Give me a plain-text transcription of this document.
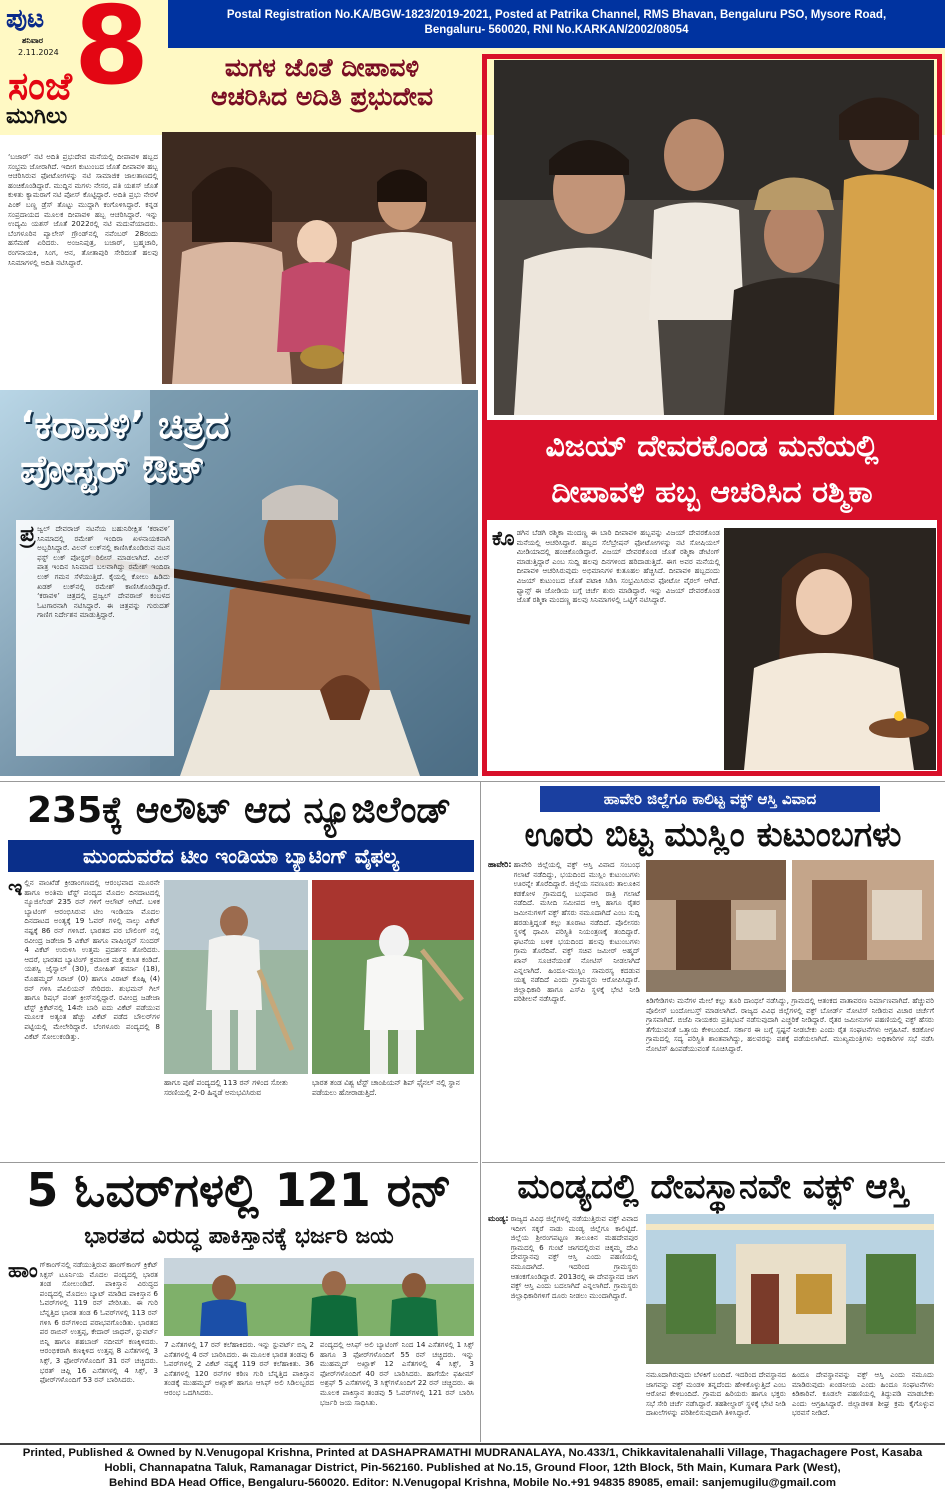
ಪುಟ
ಶನಿವಾರ
2.11.2024 8
ಸಂಜೆ
ಮುಗಿಲು
Postal Registration No.KA/BGW-1823/2019-2021, Posted at Patrika Channel, RMS Bhavan, Bengaluru PSO, Mysore Road,
Bengaluru- 560020, RNI No.KARKAN/2002/08054
ಮಗಳ ಜೊತೆ ದೀಪಾವಳಿ
ಆಚರಿಸಿದ ಅದಿತಿ ಪ್ರಭುದೇವ
‘ಬಜಾರ್’ ನಟಿ ಅದಿತಿ ಪ್ರಭುದೇವ ಮನೆಯಲ್ಲಿ ದೀಪಾವಳಿ ಹಬ್ಬದ ಸಂಭ್ರಮ ಜೋರಾಗಿದೆ. ಇದೀಗ ಕುಟುಂಬದ ಜೊತೆ ದೀಪಾವಳಿ ಹಬ್ಬ ಆಚರಿಸಿರುವ ಫೋಟೋಗಳನ್ನು ನಟಿ ಸಾಮಾಜಿಕ ಜಾಲತಾಣದಲ್ಲಿ ಹಂಚಿಕೊಂಡಿದ್ದಾರೆ. ಮುದ್ದಿನ ಮಗಳು ನೇಸರ, ಪತಿ ಯಶಸ್ ಜೊತೆ ಕುಳಿತು ಕ್ಯಾಮರಾಗೆ ನಟಿ ಪೋಸ್ ಕೊಟ್ಟಿದ್ದಾರೆ. ಅದಿತಿ ಪ್ರಭು ನೇರಳೆ ಪಿಂಕ್ ಬಣ್ಣ ಡ್ರೆಸ್ ತೊಟ್ಟು ಮುದ್ದಾಗಿ ಕಂಗೊಳಿಸಿದ್ದಾರೆ. ಕನ್ನಡ ಸಂಪ್ರದಾಯದ ಮೂಲಕ ದೀಪಾವಳಿ ಹಬ್ಬ ಆಚರಿಸಿದ್ದಾರೆ. ಇನ್ನು ಉದ್ಯಮಿ ಯಶಸ್ ಜೊತೆ 2022ರಲ್ಲಿ ನಟಿ ಮದುವೆಯಾದರು. ಬೆಂಗಳೂರಿನ ಪ್ಯಾಲೇಸ್ ಗ್ರೌಂಡ್‌ನಲ್ಲಿ ನವೆಂಬರ್ 28ರಂದು ಹಸೆಮಣೆ ಏರಿದರು. ಅಂಜನಿಪುತ್ರ, ಬಜಾರ್, ಬ್ರಹ್ಮಚಾರಿ, ರಂಗನಾಯಕಿ, ಸಿಂಗ, ಆನ, ತೋತಾಪುರಿ ಸೇರಿದಂತೆ ಹಲವು ಸಿನಿಮಾಗಳಲ್ಲಿ ಅದಿತಿ ನಟಿಸಿದ್ದಾರೆ.
‘ಕರಾವಳಿ’ ಚಿತ್ರದ
ಪೋಸ್ಟರ್ ಔಟ್
ಪ್ರ ಜ್ವಲ್ ದೇವರಾಜ್ ನಟನೆಯ ಬಹುನಿರೀಕ್ಷಿತ ‘ಕರಾವಳಿ’ ಸಿನಿಮಾದಲ್ಲಿ ರಮೇಶ್ ಇಂದಿರಾ ಖಳನಾಯಕನಾಗಿ ಅಬ್ಬರಿಸಿದ್ದಾರೆ. ವಿಲನ್ ಲುಕ್‌ನಲ್ಲಿ ಕಾಣಿಸಿಕೊಂಡಿರುವ ನಟನ ಫಸ್ಟ್ ಲುಕ್ ಪೋಸ್ಟರ್ ರಿಲೀಸ್ ಮಾಡಲಾಗಿದೆ. ವಿಲನ್ ಪಾತ್ರ ಇಂದಿನ ಸಿನಿಮಾದ ಬಲವಾಗಿದ್ದು ರಮೇಶ್ ಇಂದಿರಾ ಲುಕ್ ಗಮನ ಸೆಳೆಯುತ್ತಿದೆ. ಕೈಯಲ್ಲಿ ಕೋಲು ಹಿಡಿದು ಖಡಕ್ ಲುಕ್‌ನಲ್ಲಿ ರಮೇಶ್ ಕಾಣಿಸಿಕೊಂಡಿದ್ದಾರೆ. ‘ಕರಾವಳಿ’ ಚಿತ್ರದಲ್ಲಿ ಪ್ರಜ್ವಲ್ ದೇವರಾಜ್ ಕಂಬಳದ ಓಟಗಾರನಾಗಿ ನಟಿಸಿದ್ದಾರೆ. ಈ ಚಿತ್ರವನ್ನು ಗುರುದತ್ ಗಾಣಿಗ ನಿರ್ದೇಶನ ಮಾಡುತ್ತಿದ್ದಾರೆ.
ವಿಜಯ್ ದೇವರಕೊಂಡ ಮನೆಯಲ್ಲಿ
ದೀಪಾವಳಿ ಹಬ್ಬ ಆಚರಿಸಿದ ರಶ್ಮಿಕಾ
ಕೊ ಡಗಿನ ಬೆಡಗಿ ರಶ್ಮಿಕಾ ಮಂದಣ್ಣ ಈ ಬಾರಿ ದೀಪಾವಳಿ ಹಬ್ಬವನ್ನು ವಿಜಯ್ ದೇವರಕೊಂಡ ಮನೆಯಲ್ಲಿ ಆಚರಿಸಿದ್ದಾರೆ. ಹಬ್ಬದ ಸೆಲೆಬ್ರೇಷನ್ ಫೋಟೋಗಳನ್ನು ನಟಿ ಸೋಷಿಯಲ್ ಮೀಡಿಯಾದಲ್ಲಿ ಹಂಚಿಕೊಂಡಿದ್ದಾರೆ. ವಿಜಯ್ ದೇವರಕೊಂಡ ಜೊತೆ ರಶ್ಮಿಕಾ ಡೇಟಿಂಗ್ ಮಾಡುತ್ತಿದ್ದಾರೆ ಎಂಬ ಸುದ್ದಿ ಹಲವು ದಿನಗಳಿಂದ ಹರಿದಾಡುತ್ತಿದೆ. ಈಗ ಅವರ ಮನೆಯಲ್ಲಿ ದೀಪಾವಳಿ ಆಚರಿಸಿರುವುದು ಅಭಿಮಾನಿಗಳ ಕುತೂಹಲ ಹೆಚ್ಚಿಸಿದೆ. ದೀಪಾವಳಿ ಹಬ್ಬದಂದು ವಿಜಯ್ ಕುಟುಂಬದ ಜೊತೆ ಪಟಾಕಿ ಸಿಡಿಸಿ ಸಂಭ್ರಮಿಸಿರುವ ಫೋಟೋ ವೈರಲ್ ಆಗಿದೆ. ಫ್ಯಾನ್ಸ್ ಈ ಜೋಡಿಯ ಬಗ್ಗೆ ಚರ್ಚೆ ಶುರು ಮಾಡಿದ್ದಾರೆ. ಇನ್ನು ವಿಜಯ್ ದೇವರಕೊಂಡ ಜೊತೆ ರಶ್ಮಿಕಾ ಮಂದಣ್ಣ ಹಲವು ಸಿನಿಮಾಗಳಲ್ಲಿ ಒಟ್ಟಿಗೆ ನಟಿಸಿದ್ದಾರೆ.
235ಕ್ಕೆ ಆಲೌಟ್ ಆದ ನ್ಯೂಜಿಲೆಂಡ್
ಮುಂದುವರೆದ ಟೀಂ ಇಂಡಿಯಾ ಬ್ಯಾಟಿಂಗ್ ವೈಫಲ್ಯ
ಇ ಲ್ಲಿನ ವಾಂಖೆಡೆ ಕ್ರೀಡಾಂಗಣದಲ್ಲಿ ಆರಂಭವಾದ ಮೂರನೇ ಹಾಗೂ ಅಂತಿಮ ಟೆಸ್ಟ್ ಪಂದ್ಯದ ಮೊದಲ ದಿನದಾಟದಲ್ಲಿ ನ್ಯೂಜಿಲೆಂಡ್ 235 ರನ್ ಗಳಿಗೆ ಆಲೌಟ್ ಆಗಿದೆ. ಬಳಿಕ ಬ್ಯಾಟಿಂಗ್ ಆರಂಭಿಸಿರುವ ಟೀಂ ಇಂಡಿಯಾ ಮೊದಲ ದಿನದಾಟದ ಅಂತ್ಯಕ್ಕೆ 19 ಓವರ್ ಗಳಲ್ಲಿ ನಾಲ್ಕು ವಿಕೆಟ್ ನಷ್ಟಕ್ಕೆ 86 ರನ್ ಗಳಿಸಿದೆ. ಭಾರತದ ಪರ ಬೌಲಿಂಗ್ ನಲ್ಲಿ ರವೀಂದ್ರ ಜಡೇಜಾ 5 ವಿಕೆಟ್ ಹಾಗೂ ವಾಷಿಂಗ್ಟನ್ ಸುಂದರ್ 4 ವಿಕೆಟ್ ಉರುಳಿಸಿ ಉತ್ತಮ ಪ್ರದರ್ಶನ ತೋರಿದರು. ಆದರೆ, ಭಾರತದ ಬ್ಯಾಟಿಂಗ್ ಕ್ರಮಾಂಕ ಮತ್ತೆ ಕುಸಿತ ಕಂಡಿದೆ. ಯಶಸ್ವಿ ಜೈಸ್ವಾಲ್ (30), ರೋಹಿತ್ ಶರ್ಮಾ (18), ಮೊಹಮ್ಮದ್ ಸಿರಾಜ್ (0) ಹಾಗೂ ವಿರಾಟ್ ಕೊಹ್ಲಿ (4) ರನ್ ಗಳಿಸಿ ಪೆವಿಲಿಯನ್ ಸೇರಿದರು. ಶುಭಮನ್ ಗಿಲ್ ಹಾಗೂ ರಿಷಭ್ ಪಂತ್ ಕ್ರೀಸ್‌ನಲ್ಲಿದ್ದಾರೆ. ರವೀಂದ್ರ ಜಡೇಜಾ ಟೆಸ್ಟ್ ಕ್ರಿಕೆಟ್‌ನಲ್ಲಿ 14ನೇ ಬಾರಿ ಐದು ವಿಕೆಟ್ ಪಡೆಯುವ ಮೂಲಕ ಅತ್ಯಂತ ಹೆಚ್ಚು ವಿಕೆಟ್ ಪಡೆದ ಬೌಲರ್‌ಗಳ ಪಟ್ಟಿಯಲ್ಲಿ ಮೇಲೇರಿದ್ದಾರೆ. ಬೆಂಗಳೂರು ಪಂದ್ಯದಲ್ಲಿ 8 ವಿಕೆಟ್ ಸೋಲುಕಂಡಿತ್ತು.
ಹಾಗೂ ಪುಣೆ ಪಂದ್ಯದಲ್ಲಿ 113 ರನ್ ಗಳಿಂದ ಸೋತು ಸರಣಿಯಲ್ಲಿ 2-0 ಹಿನ್ನಡೆ ಅನುಭವಿಸಿರುವ
ಭಾರತ ತಂಡ ವಿಶ್ವ ಟೆಸ್ಟ್ ಚಾಂಪಿಯನ್ ಶಿಪ್ ಫೈನಲ್ ನಲ್ಲಿ ಸ್ಥಾನ ಪಡೆಯಲು ಹೋರಾಡುತ್ತಿದೆ.
ಹಾವೇರಿ ಜಿಲ್ಲೆಗೂ ಕಾಲಿಟ್ಟ ವಕ್ಫ್ ಆಸ್ತಿ ವಿವಾದ
ಊರು ಬಿಟ್ಟ ಮುಸ್ಲಿಂ ಕುಟುಂಬಗಳು
ಹಾವೇರಿ: ಹಾವೇರಿ ಜಿಲ್ಲೆಯಲ್ಲಿ ವಕ್ಫ್ ಆಸ್ತಿ ವಿವಾದ ಸಂಬಂಧ ಗಲಾಟೆ ನಡೆದಿದ್ದು, ಭಯದಿಂದ ಮುಸ್ಲಿಂ ಕುಟುಂಬಗಳು ಊರನ್ನೇ ತೊರೆದಿದ್ದಾರೆ. ಜಿಲ್ಲೆಯ ಸವಣೂರು ತಾಲೂಕಿನ ಕಡಕೋಳ ಗ್ರಾಮದಲ್ಲಿ ಬುಧವಾರ ರಾತ್ರಿ ಗಲಾಟೆ ನಡೆದಿದೆ. ಮಸೀದಿ ಸಮೀಪದ ಆಸ್ತಿ ಹಾಗೂ ರೈತರ ಜಮೀನುಗಳಿಗೆ ವಕ್ಫ್ ಹೆಸರು ನಮೂದಾಗಿದೆ ಎಂಬ ಸುದ್ದಿ ಹರಡುತ್ತಿದ್ದಂತೆ ಕಲ್ಲು ತೂರಾಟ ನಡೆದಿದೆ. ಪೊಲೀಸರು ಸ್ಥಳಕ್ಕೆ ಧಾವಿಸಿ ಪರಿಸ್ಥಿತಿ ನಿಯಂತ್ರಣಕ್ಕೆ ತಂದಿದ್ದಾರೆ. ಘಟನೆಯ ಬಳಿಕ ಭಯದಿಂದ ಹಲವು ಕುಟುಂಬಗಳು ಗ್ರಾಮ ತೊರೆದಿವೆ. ವಕ್ಫ್ ಸಚಿವ ಜಮೀರ್ ಅಹ್ಮದ್ ಖಾನ್ ಸೂಚನೆಯಂತೆ ನೋಟಿಸ್ ನೀಡಲಾಗಿದೆ ಎನ್ನಲಾಗಿದೆ. ಹಿಂದೂ-ಮುಸ್ಲಿಂ ಸಾಮರಸ್ಯ ಕದಡುವ ಯತ್ನ ನಡೆದಿದೆ ಎಂದು ಗ್ರಾಮಸ್ಥರು ಆರೋಪಿಸಿದ್ದಾರೆ. ಜಿಲ್ಲಾಧಿಕಾರಿ ಹಾಗೂ ಎಸ್‌ಪಿ ಸ್ಥಳಕ್ಕೆ ಭೇಟಿ ನೀಡಿ ಪರಿಶೀಲನೆ ನಡೆಸಿದ್ದಾರೆ.	ಕಿಡಿಗೇಡಿಗಳು ಮನೆಗಳ ಮೇಲೆ ಕಲ್ಲು ತೂರಿ ದಾಂಧಲೆ ನಡೆಸಿದ್ದು, ಗ್ರಾಮದಲ್ಲಿ ಆತಂಕದ ವಾತಾವರಣ ನಿರ್ಮಾಣವಾಗಿದೆ. ಹೆಚ್ಚುವರಿ ಪೊಲೀಸ್ ಬಂದೋಬಸ್ತ್ ಮಾಡಲಾಗಿದೆ. ರಾಜ್ಯದ ವಿವಿಧ ಜಿಲ್ಲೆಗಳಲ್ಲಿ ವಕ್ಫ್ ಬೋರ್ಡ್ ನೋಟಿಸ್ ನೀಡಿರುವ ವಿಚಾರ ಚರ್ಚೆಗೆ ಗ್ರಾಸವಾಗಿದೆ. ಬಿಜೆಪಿ ನಾಯಕರು ಪ್ರತಿಭಟನೆ ನಡೆಸುವುದಾಗಿ ಎಚ್ಚರಿಕೆ ನೀಡಿದ್ದಾರೆ. ರೈತರ ಜಮೀನುಗಳ ಪಹಣಿಯಲ್ಲಿ ವಕ್ಫ್ ಹೆಸರು ತೆಗೆಯುವಂತೆ ಒತ್ತಾಯ ಕೇಳಿಬಂದಿದೆ. ಸರ್ಕಾರ ಈ ಬಗ್ಗೆ ಸ್ಪಷ್ಟನೆ ನೀಡಬೇಕು ಎಂದು ರೈತ ಸಂಘಟನೆಗಳು ಆಗ್ರಹಿಸಿವೆ. ಕಡಕೋಳ ಗ್ರಾಮದಲ್ಲಿ ಸದ್ಯ ಪರಿಸ್ಥಿತಿ ಶಾಂತವಾಗಿದ್ದು, ಹಲವರನ್ನು ವಶಕ್ಕೆ ಪಡೆಯಲಾಗಿದೆ. ಮುಖ್ಯಮಂತ್ರಿಗಳು ಅಧಿಕಾರಿಗಳ ಸಭೆ ನಡೆಸಿ ನೋಟಿಸ್ ಹಿಂಪಡೆಯುವಂತೆ ಸೂಚಿಸಿದ್ದಾರೆ.
5 ಓವರ್‌ಗಳಲ್ಲಿ 121 ರನ್
ಭಾರತದ ವಿರುದ್ಧ ಪಾಕಿಸ್ತಾನಕ್ಕೆ ಭರ್ಜರಿ ಜಯ
ಹಾಂ ಗ್‌ಕಾಂಗ್‌ನಲ್ಲಿ ನಡೆಯುತ್ತಿರುವ ಹಾಂಗ್‌ಕಾಂಗ್ ಕ್ರಿಕೆಟ್ ಸಿಕ್ಸಸ್ ಟೂರ್ನಿಯ ಮೊದಲ ಪಂದ್ಯದಲ್ಲಿ ಭಾರತ ತಂಡ ಸೋಲುಂಡಿದೆ. ಪಾಕಿಸ್ತಾನ ವಿರುದ್ಧದ ಪಂದ್ಯದಲ್ಲಿ ಮೊದಲು ಬ್ಯಾಟ್ ಮಾಡಿದ ಪಾಕಿಸ್ತಾನ 6 ಓವರ್‌ಗಳಲ್ಲಿ 119 ರನ್ ಪೇರಿಸಿತು. ಈ ಗುರಿ ಬೆನ್ನತ್ತಿದ ಭಾರತ ತಂಡ 6 ಓವರ್‌ಗಳಲ್ಲಿ 113 ರನ್ ಗಳಿಸಿ 6 ರನ್‌ಗಳಿಂದ ಪರಾಭವಗೊಂಡಿತು. ಭಾರತದ ಪರ ರಾಬಿನ್ ಉತ್ತಪ್ಪ, ಕೇದಾರ್ ಜಾಧವ್, ಸ್ಟುವರ್ಟ್ ಬಿನ್ನಿ ಹಾಗೂ ಶಹಬಾಜ್ ನದೀಮ್ ಕಣಕ್ಕಿಳಿದರು. ಆರಂಭಿಕರಾಗಿ ಕಣಕ್ಕಿಳಿದ ಉತ್ತಪ್ಪ 8 ಎಸೆತಗಳಲ್ಲಿ 3 ಸಿಕ್ಸ್, 3 ಫೋರ್‌ಗಳೊಂದಿಗೆ 31 ರನ್ ಚಚ್ಚಿದರು. ಭರತ್ ಚಿಪ್ಲಿ 16 ಎಸೆತಗಳಲ್ಲಿ 4 ಸಿಕ್ಸ್, 3 ಫೋರ್‌ಗಳೊಂದಿಗೆ 53 ರನ್ ಬಾರಿಸಿದರು.
7 ಎಸೆತಗಳಲ್ಲಿ 17 ರನ್ ಕಲೆಹಾಕಿದರು. ಇನ್ನು ಸ್ಟುವರ್ಟ್ ಬಿನ್ನಿ 2 ಎಸೆತಗಳಲ್ಲಿ 4 ರನ್ ಬಾರಿಸಿದರು. ಈ ಮೂಲಕ ಭಾರತ ತಂಡವು 6 ಓವರ್‌ಗಳಲ್ಲಿ 2 ವಿಕೆಟ್ ನಷ್ಟಕ್ಕೆ 119 ರನ್ ಕಲೆಹಾಕಿತು. 36 ಎಸೆತಗಳಲ್ಲಿ 120 ರನ್‌ಗಳ ಕಠಿಣ ಗುರಿ ಬೆನ್ನತ್ತಿದ ಪಾಕಿಸ್ತಾನ ತಂಡಕ್ಕೆ ಮುಹಮ್ಮದ್ ಅಖ್ಲಾಕ್ ಹಾಗೂ ಆಸಿಫ್ ಅಲಿ ಸಿಡಿಲಬ್ಬರದ ಆರಂಭ ಒದಗಿಸಿದರು.
ಪಂದ್ಯದಲ್ಲಿ ಆಸಿಫ್ ಅಲಿ ಬ್ಯಾಟಿಂಗ್ ನಿಂದ 14 ಎಸೆತಗಳಲ್ಲಿ 1 ಸಿಕ್ಸ್ ಹಾಗೂ 3 ಫೋರ್‌ಗಳೊಂದಿಗೆ 55 ರನ್ ಚಚ್ಚಿದರು. ಇನ್ನು ಮುಹಮ್ಮದ್ ಅಖ್ಲಾಕ್ 12 ಎಸೆತಗಳಲ್ಲಿ 4 ಸಿಕ್ಸ್, 3 ಫೋರ್‌ಗಳೊಂದಿಗೆ 40 ರನ್ ಬಾರಿಸಿದರು. ಹಾಗೆಯೇ ಫಹೀಮ್ ಅಶ್ರಫ್ 5 ಎಸೆತಗಳಲ್ಲಿ 3 ಸಿಕ್ಸ್‌ಗಳೊಂದಿಗೆ 22 ರನ್ ಚಚ್ಚಿದರು. ಈ ಮೂಲಕ ಪಾಕಿಸ್ತಾನ ತಂಡವು 5 ಓವರ್‌ಗಳಲ್ಲಿ 121 ರನ್ ಬಾರಿಸಿ ಭರ್ಜರಿ ಜಯ ಸಾಧಿಸಿತು.
ಮಂಡ್ಯದಲ್ಲಿ ದೇವಸ್ಥಾನವೇ ವಕ್ಫ್ ಆಸ್ತಿ
ಮಂಡ್ಯ: ರಾಜ್ಯದ ವಿವಿಧ ಜಿಲ್ಲೆಗಳಲ್ಲಿ ನಡೆಯುತ್ತಿರುವ ವಕ್ಫ್ ವಿವಾದ ಇದೀಗ ಸಕ್ಕರೆ ನಾಡು ಮಂಡ್ಯ ಜಿಲ್ಲೆಗೂ ಕಾಲಿಟ್ಟಿದೆ. ಜಿಲ್ಲೆಯ ಶ್ರೀರಂಗಪಟ್ಟಣ ತಾಲೂಕಿನ ಮಹದೇವಪುರ ಗ್ರಾಮದಲ್ಲಿ 6 ಗುಂಟೆ ಜಾಗದಲ್ಲಿರುವ ಚಿಕ್ಕಮ್ಮ ದೇವಿ ದೇವಸ್ಥಾನವು ವಕ್ಫ್ ಆಸ್ತಿ ಎಂದು ಪಹಣಿಯಲ್ಲಿ ನಮೂದಾಗಿದೆ. ಇದರಿಂದ ಗ್ರಾಮಸ್ಥರು ಆತಂಕಗೊಂಡಿದ್ದಾರೆ. 2013ರಲ್ಲಿ ಈ ದೇವಸ್ಥಾನದ ಜಾಗ ವಕ್ಫ್ ಆಸ್ತಿ ಎಂದು ಬದಲಾಗಿದೆ ಎನ್ನಲಾಗಿದೆ. ಗ್ರಾಮಸ್ಥರು ಜಿಲ್ಲಾಧಿಕಾರಿಗಳಿಗೆ ದೂರು ನೀಡಲು ಮುಂದಾಗಿದ್ದಾರೆ.
ನಮೂದಾಗಿರುವುದು ಬೆಳಕಿಗೆ ಬಂದಿದೆ. ಇದರಿಂದ ದೇವಸ್ಥಾನದ ಜಾಗವನ್ನು ವಕ್ಫ್ ಮಂಡಳಿ ತನ್ನದೆಂದು ಹೇಳಿಕೊಳ್ಳುತ್ತಿದೆ ಎಂಬ ಆರೋಪ ಕೇಳಿಬಂದಿದೆ. ಗ್ರಾಮದ ಹಿರಿಯರು ಹಾಗೂ ಭಕ್ತರು ಸಭೆ ಸೇರಿ ಚರ್ಚೆ ನಡೆಸಿದ್ದಾರೆ. ತಹಶೀಲ್ದಾರ್ ಸ್ಥಳಕ್ಕೆ ಭೇಟಿ ನೀಡಿ ದಾಖಲೆಗಳನ್ನು ಪರಿಶೀಲಿಸುವುದಾಗಿ ತಿಳಿಸಿದ್ದಾರೆ.
ಹಿಂದೂ ದೇವಸ್ಥಾನವನ್ನು ವಕ್ಫ್ ಆಸ್ತಿ ಎಂದು ನಮೂದು ಮಾಡಿರುವುದು ಖಂಡನೀಯ ಎಂದು ಹಿಂದೂ ಸಂಘಟನೆಗಳು ಕಿಡಿಕಾರಿವೆ. ಕೂಡಲೇ ಪಹಣಿಯಲ್ಲಿ ತಿದ್ದುಪಡಿ ಮಾಡಬೇಕು ಎಂದು ಆಗ್ರಹಿಸಿದ್ದಾರೆ. ಜಿಲ್ಲಾಡಳಿತ ಶೀಘ್ರ ಕ್ರಮ ಕೈಗೊಳ್ಳುವ ಭರವಸೆ ನೀಡಿದೆ.
Printed, Published & Owned by N.Venugopal Krishna, Printed at DASHAPRAMATHI MUDRANALAYA, No.433/1, Chikkavitalenahalli Village, Thagachagere Post, Kasaba
Hobli, Channapatna Taluk, Ramanagar District, Pin-562160. Published at No.15, Ground Floor, 12th Block, 5th Main, Kumara Park (West),
Behind BDA Head Office, Bengaluru-560020. Editor: N.Venugopal Krishna, Mobile No.+91 94835 89085, email: sanjemugilu@gmail.com
